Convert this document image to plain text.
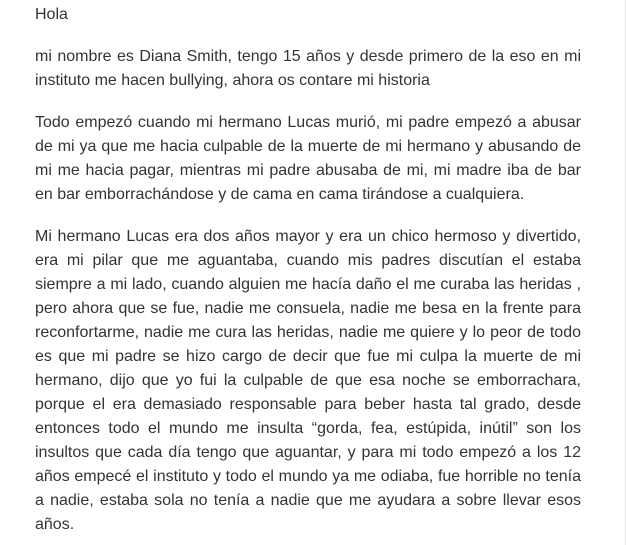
Hola

mi nombre es Diana Smith, tengo 15 años y desde primero de la eso en mi instituto me hacen bullying, ahora os contare mi historia

Todo empezó cuando mi hermano Lucas murió, mi padre empezó a abusar de mi ya que me hacia culpable de la muerte de mi hermano y abusando de mi me hacia pagar, mientras mi padre abusaba de mi, mi madre iba de bar en bar emborrachándose y de cama en cama tirándose a cualquiera.

Mi hermano Lucas era dos años mayor y era un chico hermoso y divertido, era mi pilar que me aguantaba, cuando mis padres discutían el estaba siempre a mi lado, cuando alguien me hacía daño el me curaba las heridas , pero ahora que se fue, nadie me consuela, nadie me besa en la frente para reconfortarme, nadie me cura las heridas, nadie me quiere y lo peor de todo es que mi padre se hizo cargo de decir que fue mi culpa la muerte de mi hermano, dijo que yo fui la culpable de que esa noche se emborrachara, porque el era demasiado responsable para beber hasta tal grado, desde entonces todo el mundo me insulta “gorda, fea, estúpida, inútil” son los insultos que cada día tengo que aguantar, y para mi todo empezó a los 12 años empecé el instituto y todo el mundo ya me odiaba, fue horrible no tenía a nadie, estaba sola no tenía a nadie que me ayudara a sobre llevar esos años.
